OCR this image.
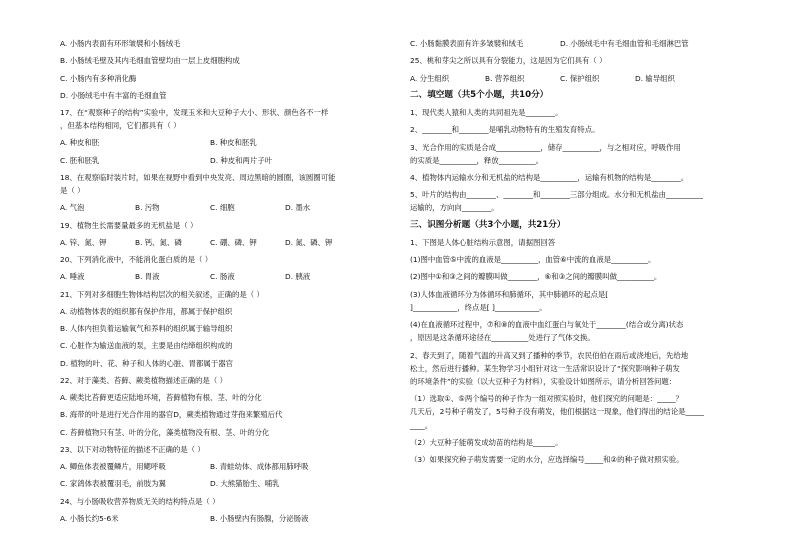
A. 小肠内表面有环形皱襞和小肠绒毛
B. 小肠绒毛壁及其内毛细血管壁均由一层上皮细胞构成
C. 小肠内有多种消化酶
D. 小肠绒毛中有丰富的毛细血管
17、在“观察种子的结构”实验中，发现玉米和大豆种子大小、形状、颜色各不一样
，但基本结构相同，它们都具有（ ）
A. 种皮和胚	B. 种皮和胚乳
C. 胚和胚乳	D. 种皮和两片子叶
18、在观察临时装片时，如果在视野中看到中央发亮、周边黑暗的圆圈，该圆圈可能
是（ ）
A. 气泡	B. 污物	C. 细胞	D. 墨水
19、植物生长需要量最多的无机盐是（ ）
A. 锌、氮、钾	B. 钙、氮、磷	C. 硼、磷、钾	D. 氮、磷、钾
20、下列消化液中，不能消化蛋白质的是（ ）
A. 唾液	B. 胃液	C. 肠液	D. 胰液
21、下列对多细胞生物体结构层次的相关叙述，正确的是（ ）
A. 动植物体表的组织都有保护作用，都属于保护组织
B. 人体内担负着运输氧气和养料的组织属于输导组织
C. 心脏作为输送血液的泵，主要是由结缔组织构成的
D. 植物的叶、花、种子和人体的心脏、胃都属于器官
22、对于藻类、苔藓、蕨类植物描述正确的是（ ）
A. 蕨类比苔藓更适应陆地环境，苔藓植物有根、茎、叶的分化
B. 海带的叶是进行光合作用的器官D，蕨类植物通过芽孢来繁殖后代
C. 苔藓植物只有茎、叶的分化，藻类植物没有根、茎、叶的分化
23、以下对动物特征的描述不正确的是（ ）
A. 鲫鱼体表被覆鳞片，用鳃呼吸	B. 青蛙幼体、成体都用肺呼吸
C. 家鸽体表被覆羽毛，前肢为翼	D. 大熊猫胎生、哺乳
24、与小肠吸收营养物质无关的结构特点是（ ）
A. 小肠长约5-6米	B. 小肠壁内有肠腺，分泌肠液
C. 小肠黏膜表面有许多皱襞和绒毛	D. 小肠绒毛中有毛细血管和毛细淋巴管
25、桃和芽尖之所以具有分裂能力，这是因为它们具有（ ）
A. 分生组织	B. 营养组织	C. 保护组织	D. 输导组织
二、填空题（共5个小题，共10分）
1、现代类人猿和人类的共同祖先是________。
2、________和________是哺乳动物特有的生殖发育特点。
3、光合作用的实质是合成____________，储存__________，与之相对应，呼吸作用
的实质是__________，释放__________。
4、植物体内运输水分和无机盐的结构是__________，运输有机物的结构是________。
5、叶片的结构由________、________和________三部分组成。水分和无机盐由__________
运输的，方向向________。
三、识图分析题（共3个小题，共21分）
1、下图是人体心脏结构示意图，请据图回答
(1)图中血管⑤中流的血液是__________，血管⑥中流的血液是__________。
(2)图中①和③之间的瓣膜叫做________，⑥和③之间的瓣膜叫做__________。
(3)人体血液循环分为体循环和肺循环，其中肺循环的起点是[
]____________，终点是[ ]____________。
(4)在血液循环过程中，⑦和⑧的血液中血红蛋白与氧处于________(结合或分离)状态
，原因是这条循环途径在__________处进行了气体交换。
2、春天到了，随着气温的升高又到了播种的季节，农民伯伯在雨后或浇地后，先给地
松土，然后进行播种。某生物学习小组针对这一生活常识设计了“探究影响种子萌发
的环境条件”的实验（以大豆种子为材料），实验设计如图所示，请分析回答问题：
（1）选取①、⑤两个编号的种子作为一组对照实验时，他们探究的问题是：_____？
几天后，2号种子萌发了，5号种子没有萌发，他们根据这一现象，他们得出的结论是_____
____。
（2）大豆种子能萌发成幼苗的结构是______。
（3）如果探究种子萌发需要一定的水分，应选择编号_____和②的种子做对照实验。
